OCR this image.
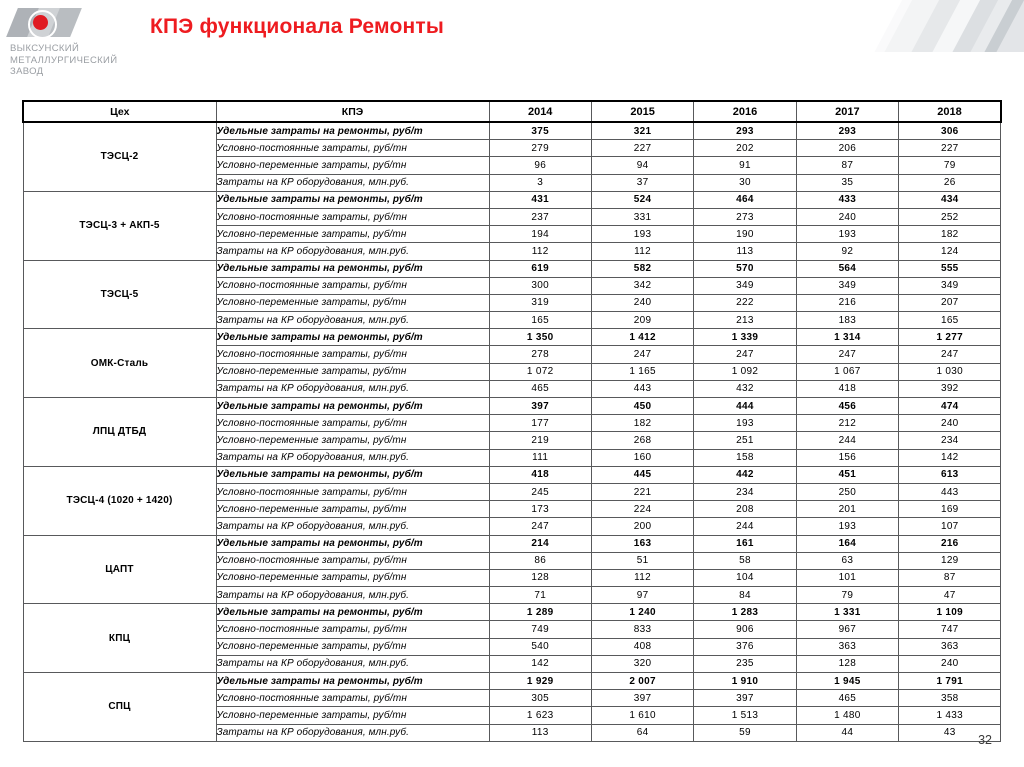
ВЫКСУНСКИЙ
МЕТАЛЛУРГИЧЕСКИЙ
ЗАВОД
КПЭ функционала Ремонты
Цех	КПЭ	2014	2015	2016	2017	2018
ТЭСЦ-2	Удельные затраты на ремонты, руб/т	375	321	293	293	306
	Условно-постоянные затраты, руб/тн	279	227	202	206	227
	Условно-переменные затраты, руб/тн	96	94	91	87	79
	Затраты на КР оборудования, млн.руб.	3	37	30	35	26
ТЭСЦ-3 + АКП-5	Удельные затраты на ремонты, руб/т	431	524	464	433	434
	Условно-постоянные затраты, руб/тн	237	331	273	240	252
	Условно-переменные затраты, руб/тн	194	193	190	193	182
	Затраты на КР оборудования, млн.руб.	112	112	113	92	124
ТЭСЦ-5	Удельные затраты на ремонты, руб/т	619	582	570	564	555
	Условно-постоянные затраты, руб/тн	300	342	349	349	349
	Условно-переменные затраты, руб/тн	319	240	222	216	207
	Затраты на КР оборудования, млн.руб.	165	209	213	183	165
ОМК-Сталь	Удельные затраты на ремонты, руб/т	1 350	1 412	1 339	1 314	1 277
	Условно-постоянные затраты, руб/тн	278	247	247	247	247
	Условно-переменные затраты, руб/тн	1 072	1 165	1 092	1 067	1 030
	Затраты на КР оборудования, млн.руб.	465	443	432	418	392
ЛПЦ ДТБД	Удельные затраты на ремонты, руб/т	397	450	444	456	474
	Условно-постоянные затраты, руб/тн	177	182	193	212	240
	Условно-переменные затраты, руб/тн	219	268	251	244	234
	Затраты на КР оборудования, млн.руб.	111	160	158	156	142
ТЭСЦ-4 (1020 + 1420)	Удельные затраты на ремонты, руб/т	418	445	442	451	613
	Условно-постоянные затраты, руб/тн	245	221	234	250	443
	Условно-переменные затраты, руб/тн	173	224	208	201	169
	Затраты на КР оборудования, млн.руб.	247	200	244	193	107
ЦАПТ	Удельные затраты на ремонты, руб/т	214	163	161	164	216
	Условно-постоянные затраты, руб/тн	86	51	58	63	129
	Условно-переменные затраты, руб/тн	128	112	104	101	87
	Затраты на КР оборудования, млн.руб.	71	97	84	79	47
КПЦ	Удельные затраты на ремонты, руб/т	1 289	1 240	1 283	1 331	1 109
	Условно-постоянные затраты, руб/тн	749	833	906	967	747
	Условно-переменные затраты, руб/тн	540	408	376	363	363
	Затраты на КР оборудования, млн.руб.	142	320	235	128	240
СПЦ	Удельные затраты на ремонты, руб/т	1 929	2 007	1 910	1 945	1 791
	Условно-постоянные затраты, руб/тн	305	397	397	465	358
	Условно-переменные затраты, руб/тн	1 623	1 610	1 513	1 480	1 433
	Затраты на КР оборудования, млн.руб.	113	64	59	44	43
32
